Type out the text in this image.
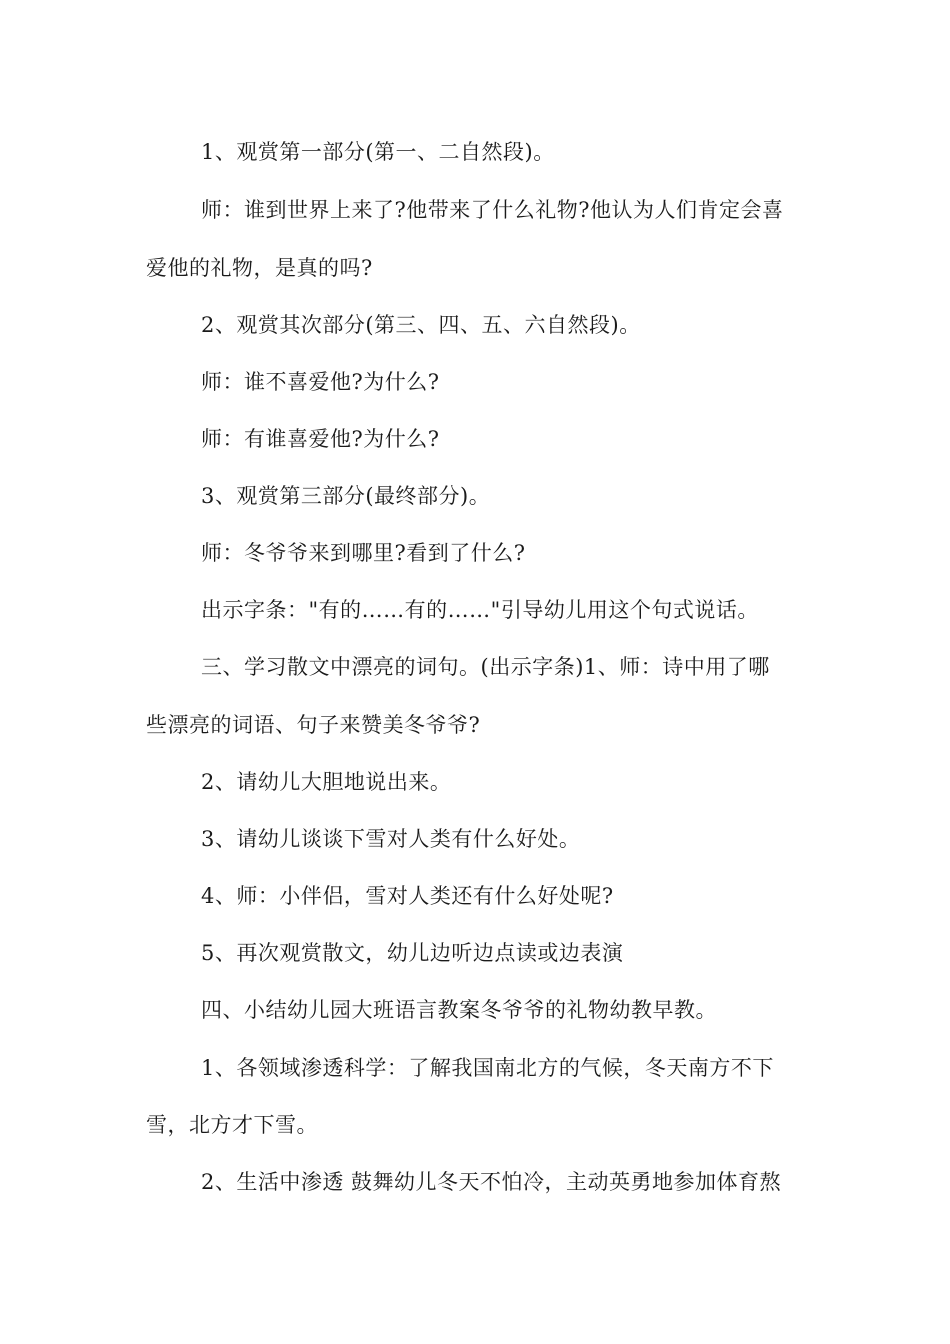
1、观赏第一部分(第一、二自然段)。
师：谁到世界上来了?他带来了什么礼物?他认为人们肯定会喜
爱他的礼物，是真的吗?
2、观赏其次部分(第三、四、五、六自然段)。
师：谁不喜爱他?为什么?
师：有谁喜爱他?为什么?
3、观赏第三部分(最终部分)。
师：冬爷爷来到哪里?看到了什么?
出示字条："有的……有的……"引导幼儿用这个句式说话。
三、学习散文中漂亮的词句。(出示字条)1、师：诗中用了哪
些漂亮的词语、句子来赞美冬爷爷?
2、请幼儿大胆地说出来。
3、请幼儿谈谈下雪对人类有什么好处。
4、师：小伴侣，雪对人类还有什么好处呢?
5、再次观赏散文，幼儿边听边点读或边表演
四、小结幼儿园大班语言教案冬爷爷的礼物幼教早教。
1、各领域渗透科学：了解我国南北方的气候，冬天南方不下
雪，北方才下雪。
2、生活中渗透 鼓舞幼儿冬天不怕冷，主动英勇地参加体育熬
